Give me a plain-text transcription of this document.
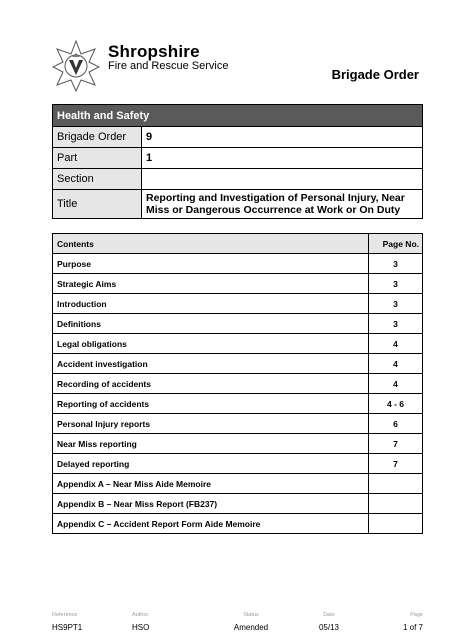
Shropshire
Fire and Rescue Service
Brigade Order
Health and Safety	
Brigade Order	9
Part	1
Section	
Title	Reporting and Investigation of Personal Injury, Near Miss or Dangerous Occurrence at Work or On Duty
Contents	Page No.
Purpose	3
Strategic Aims	3
Introduction	3
Definitions	3
Legal obligations	4
Accident investigation	4
Recording of accidents	4
Reporting of accidents	4 - 6
Personal Injury reports	6
Near Miss reporting	7
Delayed reporting	7
Appendix A – Near Miss Aide Memoire	
Appendix B – Near Miss Report (FB237)	
Appendix C – Accident Report Form Aide Memoire	
Reference	Author	Status	Date	Page
HS9PT1	HSO	Amended	05/13	1 of 7
